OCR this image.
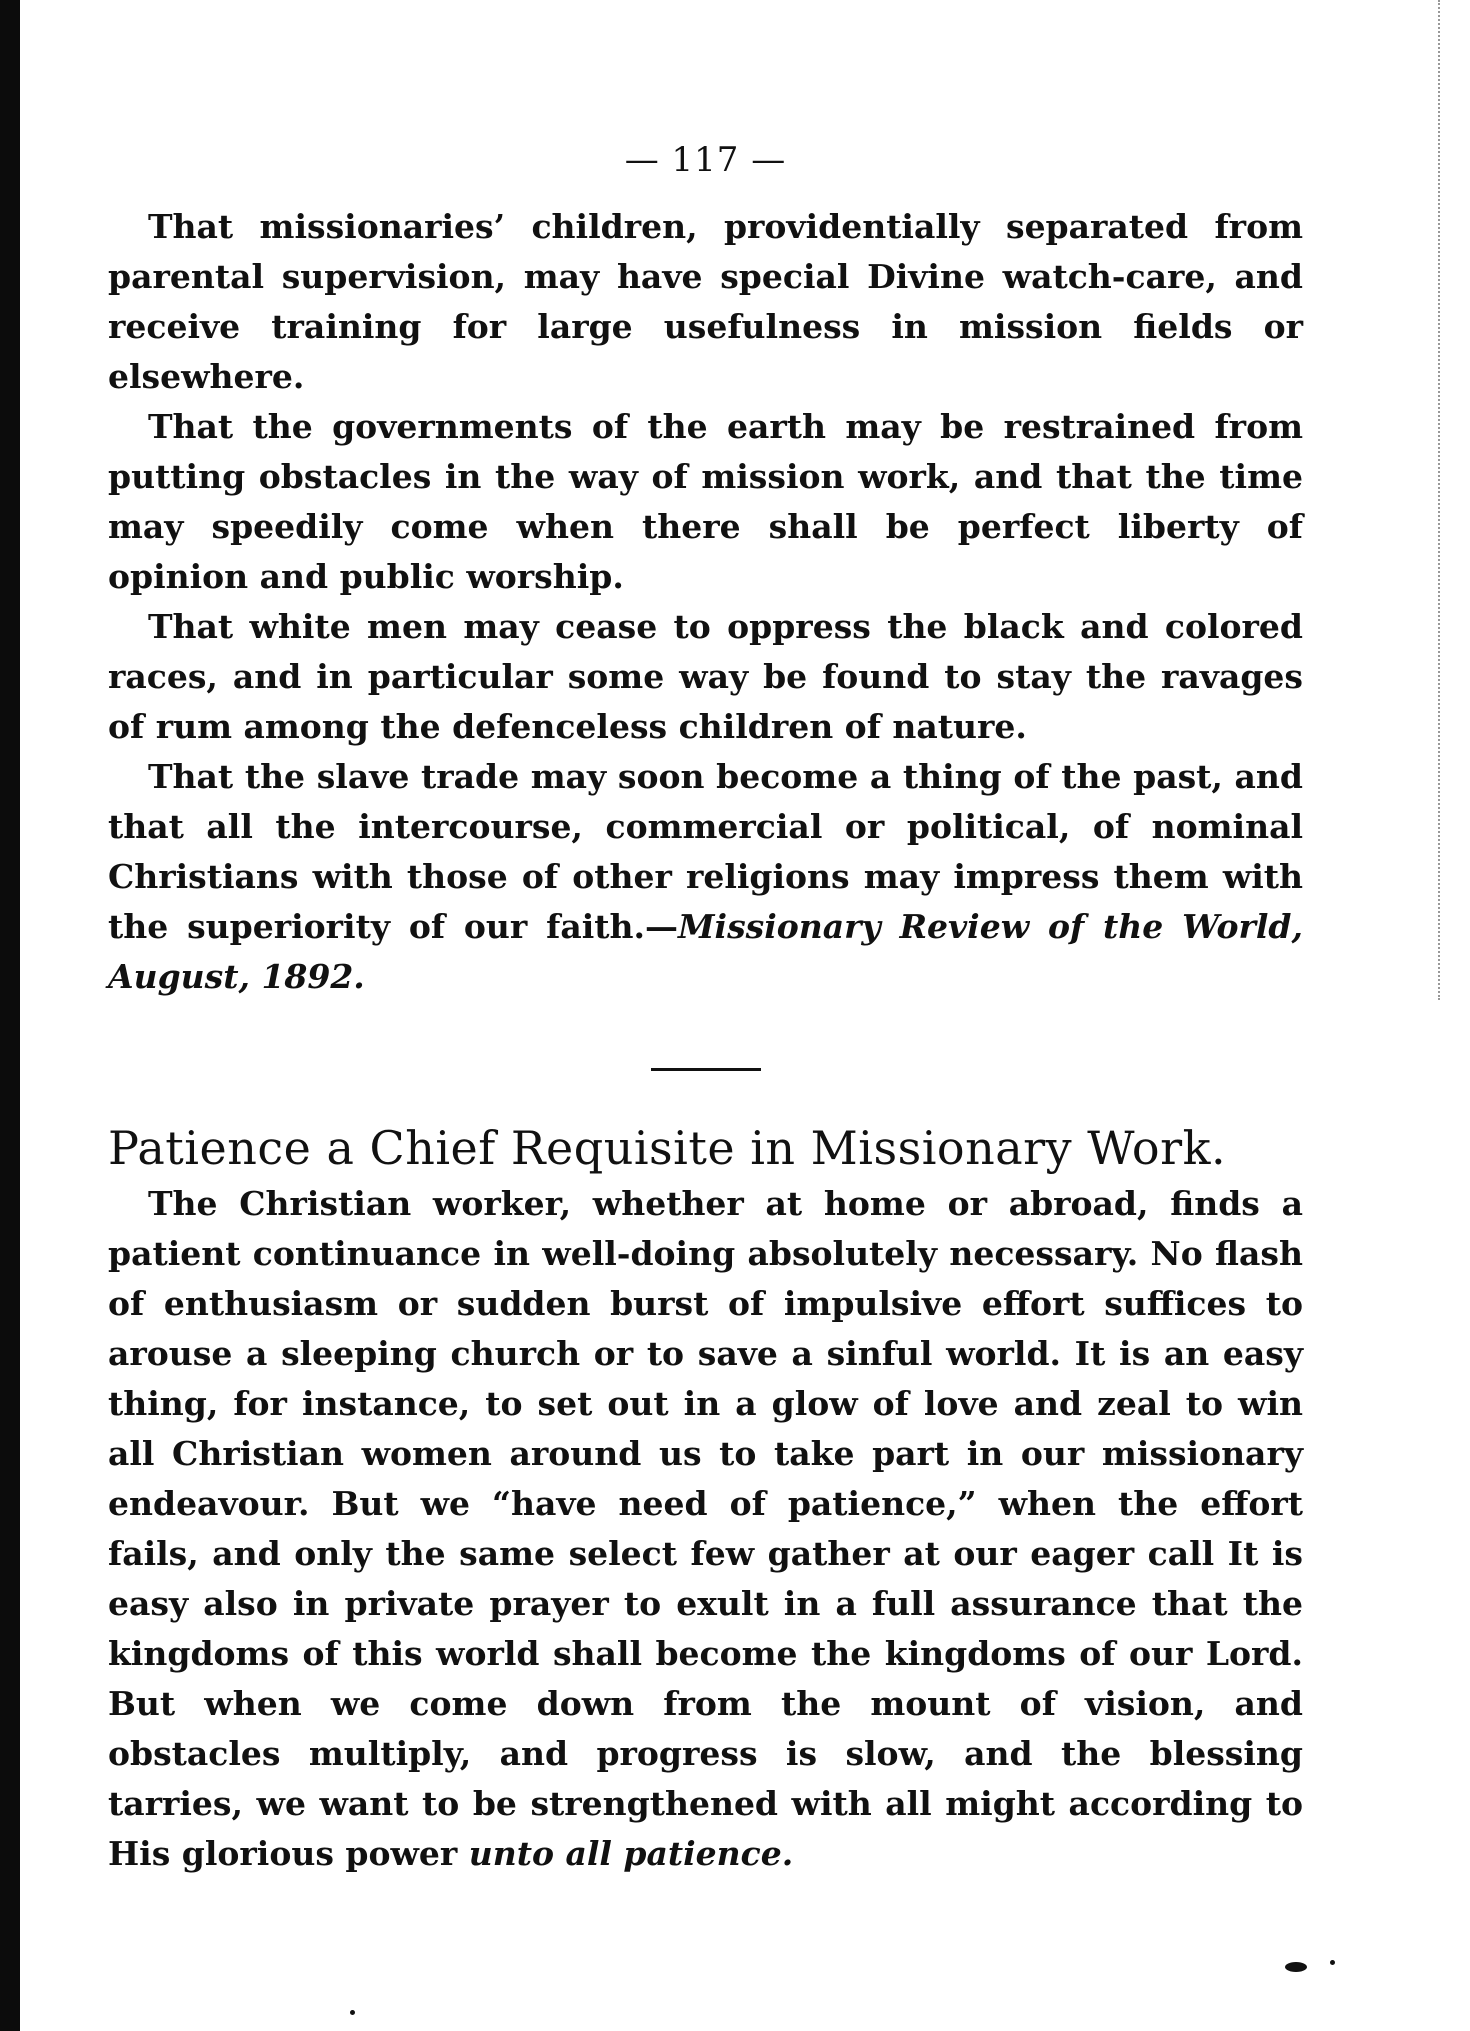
— 117 —

That missionaries’ children, providentially separated from parental supervision, may have special Divine watch-care, and receive training for large usefulness in mission fields or elsewhere.

That the governments of the earth may be restrained from putting obstacles in the way of mission work, and that the time may speedily come when there shall be perfect liberty of opinion and public worship.

That white men may cease to oppress the black and colored races, and in particular some way be found to stay the ravages of rum among the defenceless children of nature.

That the slave trade may soon become a thing of the past, and that all the intercourse, commercial or political, of nominal Christians with those of other religions may impress them with the superiority of our faith.—Missionary Review of the World, August, 1892.

Patience a Chief Requisite in Missionary Work.

The Christian worker, whether at home or abroad, finds a patient continuance in well-doing absolutely necessary. No flash of enthusiasm or sudden burst of impulsive effort suffices to arouse a sleeping church or to save a sinful world. It is an easy thing, for instance, to set out in a glow of love and zeal to win all Christian women around us to take part in our missionary endeavour. But we “have need of patience,” when the effort fails, and only the same select few gather at our eager call It is easy also in private prayer to exult in a full assurance that the kingdoms of this world shall become the kingdoms of our Lord. But when we come down from the mount of vision, and obstacles multiply, and progress is slow, and the blessing tarries, we want to be strengthened with all might according to His glorious power unto all patience.
